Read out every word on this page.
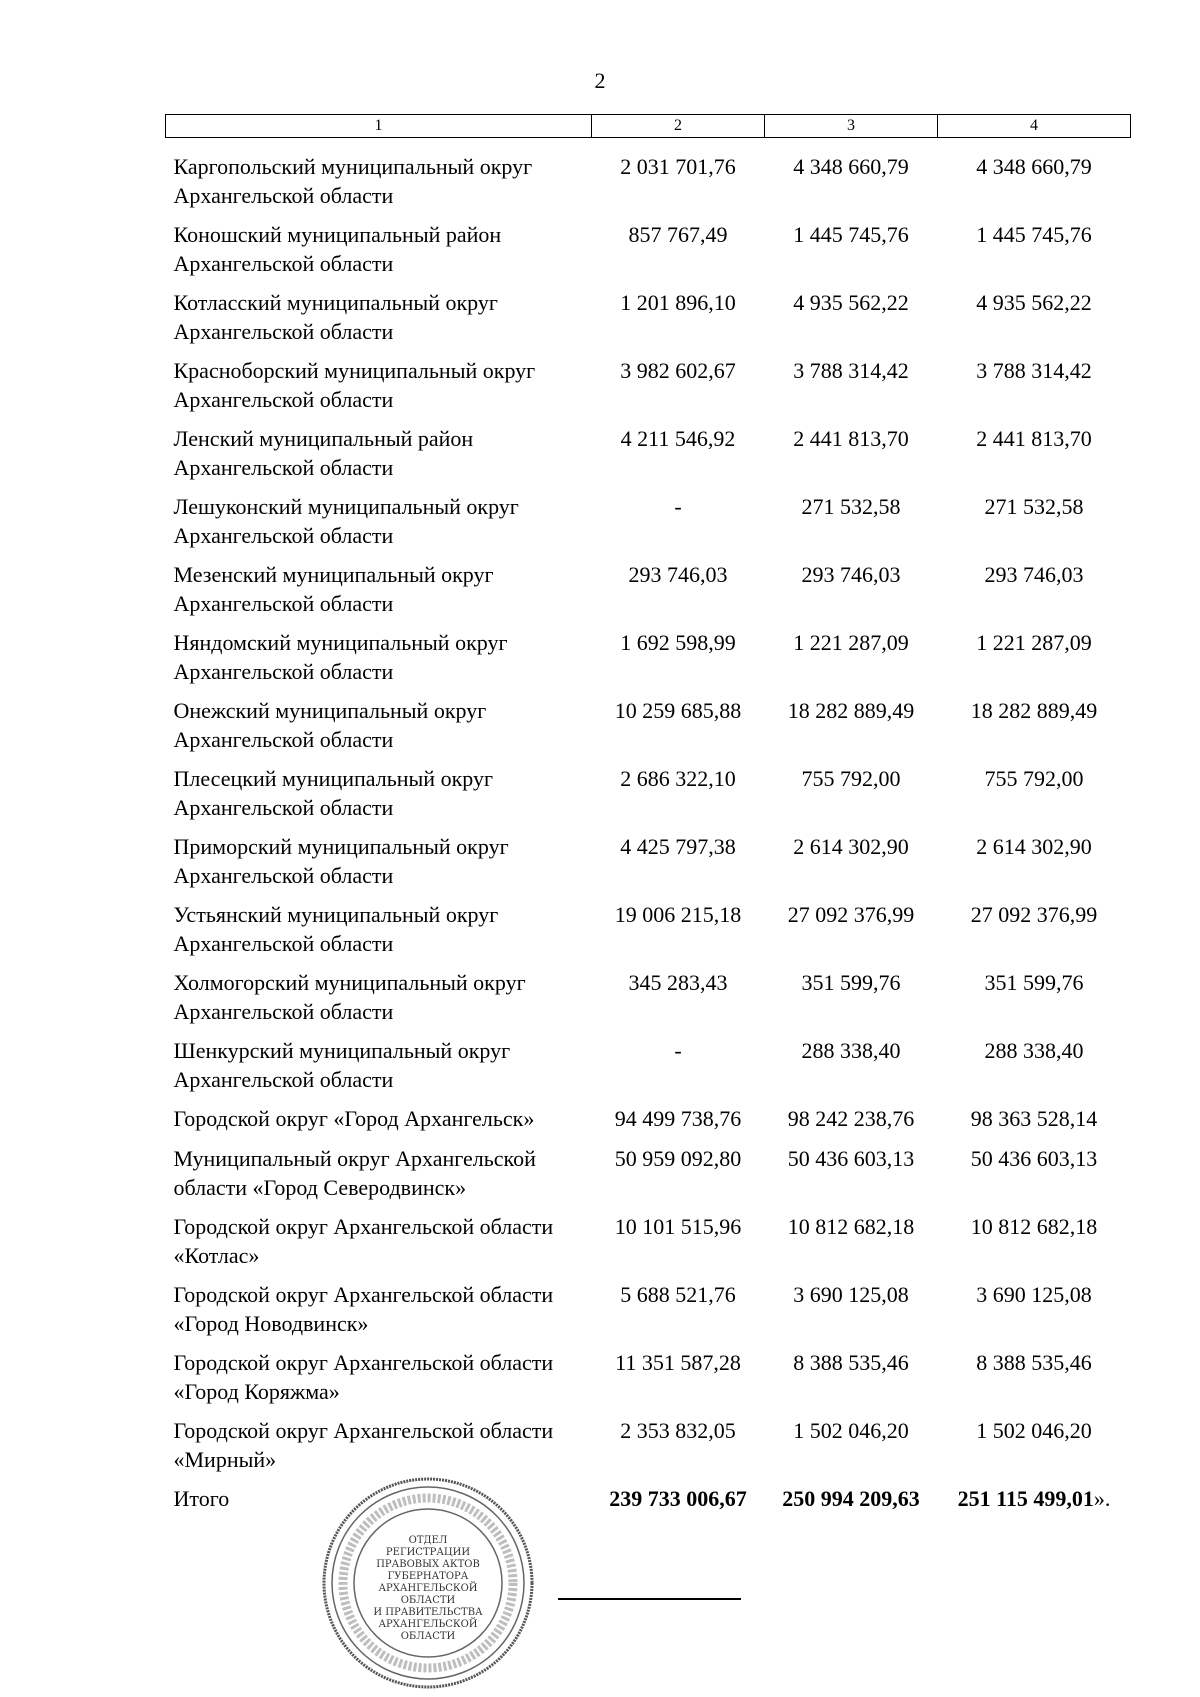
2
1	2	3	4

Каргопольский муниципальный округ Архангельской области	2 031 701,76	4 348 660,79	4 348 660,79
Коношский муниципальный район Архангельской области	857 767,49	1 445 745,76	1 445 745,76
Котласский муниципальный округ Архангельской области	1 201 896,10	4 935 562,22	4 935 562,22
Красноборский муниципальный округ Архангельской области	3 982 602,67	3 788 314,42	3 788 314,42
Ленский муниципальный район Архангельской области	4 211 546,92	2 441 813,70	2 441 813,70
Лешуконский муниципальный округ Архангельской области	-	271 532,58	271 532,58
Мезенский муниципальный округ Архангельской области	293 746,03	293 746,03	293 746,03
Няндомский муниципальный округ Архангельской области	1 692 598,99	1 221 287,09	1 221 287,09
Онежский муниципальный округ Архангельской области	10 259 685,88	18 282 889,49	18 282 889,49
Плесецкий муниципальный округ Архангельской области	2 686 322,10	755 792,00	755 792,00
Приморский муниципальный округ Архангельской области	4 425 797,38	2 614 302,90	2 614 302,90
Устьянский муниципальный округ Архангельской области	19 006 215,18	27 092 376,99	27 092 376,99
Холмогорский муниципальный округ Архангельской области	345 283,43	351 599,76	351 599,76
Шенкурский муниципальный округ Архангельской области	-	288 338,40	288 338,40
Городской округ «Город Архангельск»	94 499 738,76	98 242 238,76	98 363 528,14
Муниципальный округ Архангельской области «Город Северодвинск»	50 959 092,80	50 436 603,13	50 436 603,13
Городской округ Архангельской области «Котлас»	10 101 515,96	10 812 682,18	10 812 682,18
Городской округ Архангельской области «Город Новодвинск»	5 688 521,76	3 690 125,08	3 690 125,08
Городской округ Архангельской области «Город Коряжма»	11 351 587,28	8 388 535,46	8 388 535,46
Городской округ Архангельской области «Мирный»	2 353 832,05	1 502 046,20	1 502 046,20
Итого	239 733 006,67	250 994 209,63	251 115 499,01».
ОТДЕЛ
РЕГИСТРАЦИИ
ПРАВОВЫХ АКТОВ
ГУБЕРНАТОРА
АРХАНГЕЛЬСКОЙ
ОБЛАСТИ
И ПРАВИТЕЛЬСТВА
АРХАНГЕЛЬСКОЙ
ОБЛАСТИ
